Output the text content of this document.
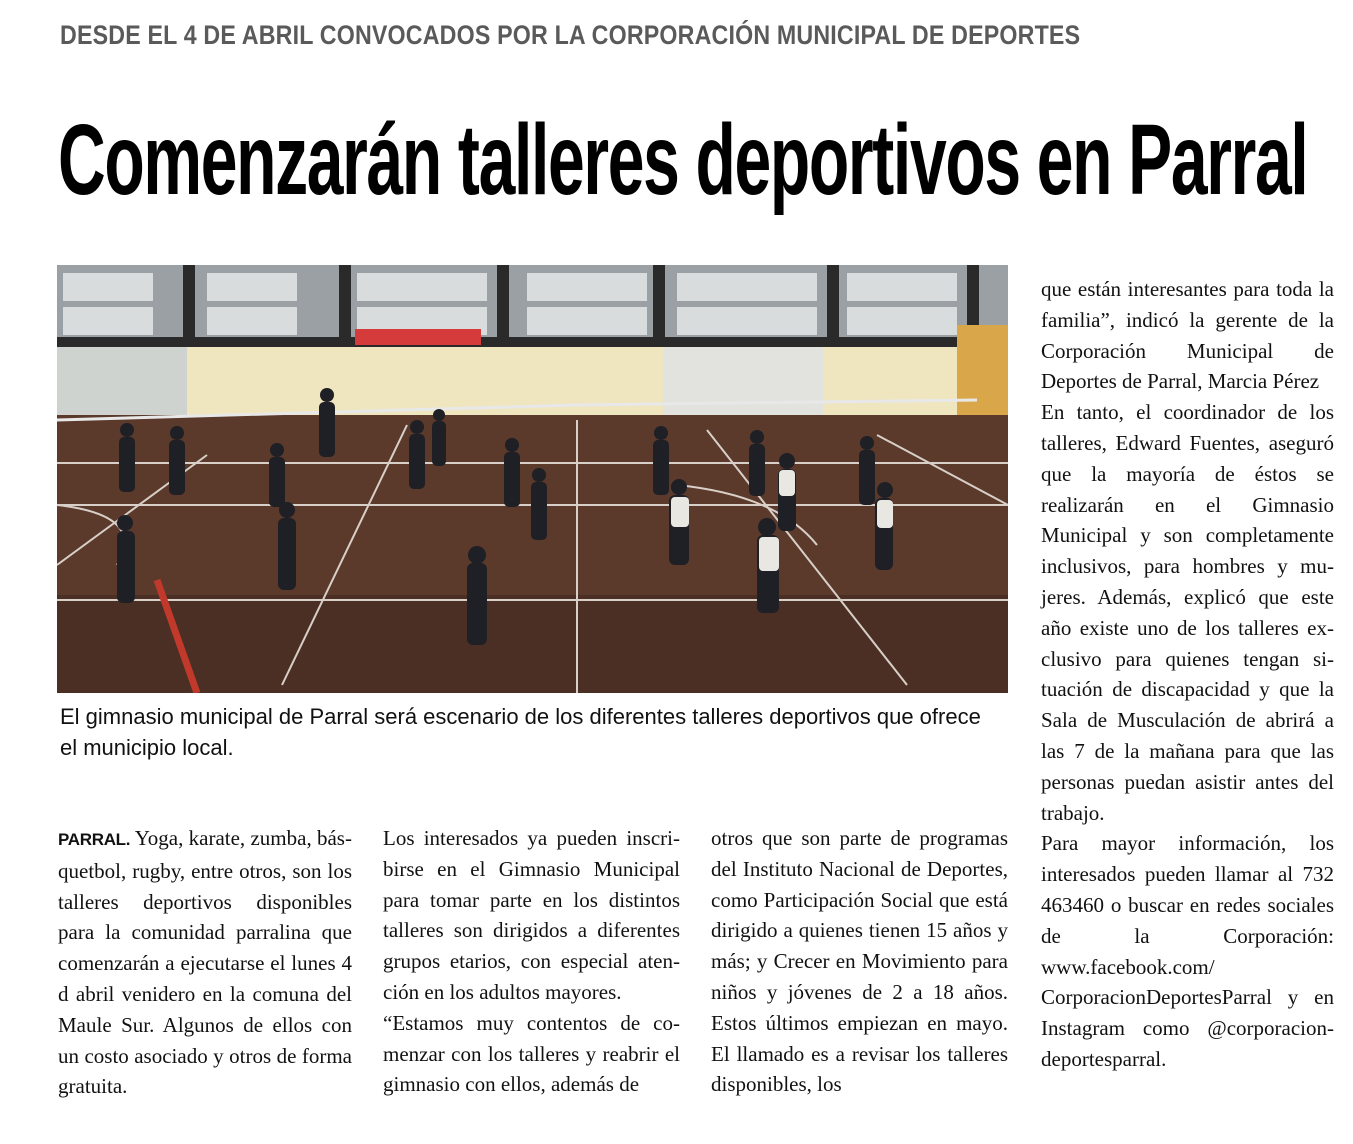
DESDE EL 4 DE ABRIL CONVOCADOS POR LA CORPORACIÓN MUNICIPAL DE DEPORTES
Comenzarán talleres deportivos en Parral
El gimnasio municipal de Parral será escenario de los diferentes talleres deportivos que ofrece el municipio local.

PARRAL. Yoga, karate, zumba, básquetbol, rugby, entre otros, son los talleres deportivos disponibles para la comunidad parralina que comenzarán a ejecutarse el lunes 4 d abril venidero en la comuna del Maule Sur. Algunos de ellos con un costo asociado y otros de forma gratuita.

Los interesados ya pueden inscribirse en el Gimnasio Municipal para tomar parte en los distintos talleres son dirigidos a diferentes grupos etarios, con especial atención en los adultos mayores.

“Estamos muy contentos de comenzar con los talleres y reabrir el gimnasio con ellos, además de

otros que son parte de programas del Instituto Nacional de Deportes, como Participación Social que está dirigido a quienes tienen 15 años y más; y Crecer en Movimiento para niños y jóvenes de 2 a 18 años. Estos últimos empiezan en mayo. El llamado es a revisar los talleres disponibles, los

que están interesantes para toda la familia”, indicó la gerente de la Corporación Municipal de Deportes de Parral, Marcia Pérez

En tanto, el coordinador de los talleres, Edward Fuentes, aseguró que la mayoría de éstos se realizarán en el Gimnasio Municipal y son completamente inclusivos, para hombres y mujeres. Además, explicó que este año existe uno de los talleres exclusivo para quienes tengan situación de discapacidad y que la Sala de Musculación de abrirá a las 7 de la mañana para que las personas puedan asistir antes del trabajo.

Para mayor información, los interesados pueden llamar al 732 463460 o buscar en redes sociales de la Corporación: www.facebook.com/ CorporacionDeportesParral y en Instagram como @corporaciondeportesparral.
